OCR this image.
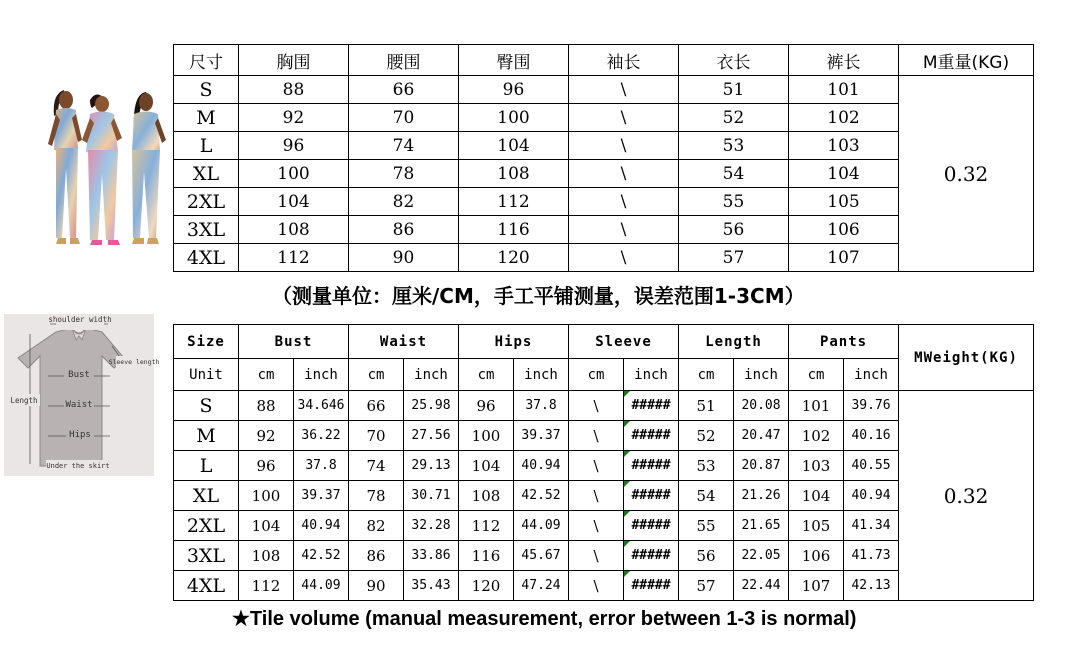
shoulder width
Bust
Waist
Hips
Length
Sleeve length
Under the skirt
尺寸	胸围	腰围	臀围	袖长	衣长	裤长	M重量(KG)
S	88	66	96	\	51	101	0.32
M	92	70	100	\	52	102	
L	96	74	104	\	53	103	
XL	100	78	108	\	54	104	
2XL	104	82	112	\	55	105	
3XL	108	86	116	\	56	106	
4XL	112	90	120	\	57	107	
（测量单位：厘米/CM，手工平铺测量，误差范围1-3CM）
Size	Bust		Waist		Hips		Sleeve		Length		Pants		MWeight(KG)
Unit	cm	inch	cm	inch	cm	inch	cm	inch	cm	inch	cm	inch	
S	88	34.646	66	25.98	96	37.8	\	#####	51	20.08	101	39.76	0.32
M	92	36.22	70	27.56	100	39.37	\	#####	52	20.47	102	40.16	
L	96	37.8	74	29.13	104	40.94	\	#####	53	20.87	103	40.55	
XL	100	39.37	78	30.71	108	42.52	\	#####	54	21.26	104	40.94	
2XL	104	40.94	82	32.28	112	44.09	\	#####	55	21.65	105	41.34	
3XL	108	42.52	86	33.86	116	45.67	\	#####	56	22.05	106	41.73	
4XL	112	44.09	90	35.43	120	47.24	\	#####	57	22.44	107	42.13	
★Tile volume (manual measurement, error between 1-3 is normal)
